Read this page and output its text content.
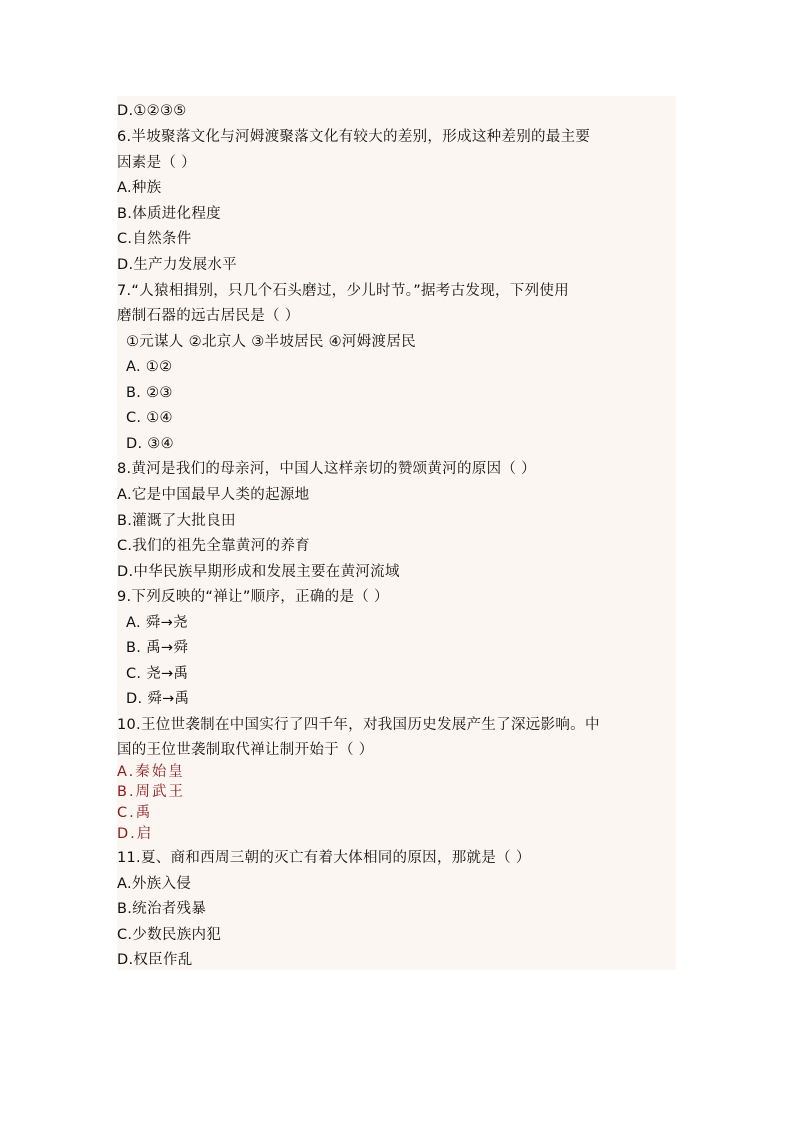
D.①②③⑤
6.半坡聚落文化与河姆渡聚落文化有较大的差别，形成这种差别的最主要
因素是（ ）
A.种族
B.体质进化程度
C.自然条件
D.生产力发展水平
7.“人猿相揖别，只几个石头磨过，少儿时节。”据考古发现，下列使用
磨制石器的远古居民是（ ）
①元谋人 ②北京人 ③半坡居民 ④河姆渡居民
A. ①②
B. ②③
C. ①④
D. ③④
8.黄河是我们的母亲河，中国人这样亲切的赞颂黄河的原因（ ）
A.它是中国最早人类的起源地
B.灌溉了大批良田
C.我们的祖先全靠黄河的养育
D.中华民族早期形成和发展主要在黄河流域
9.下列反映的“禅让”顺序，正确的是（ ）
A. 舜→尧
B. 禹→舜
C. 尧→禹
D. 舜→禹
10.王位世袭制在中国实行了四千年，对我国历史发展产生了深远影响。中
国的王位世袭制取代禅让制开始于（ ）
A.秦始皇
B.周武王
C.禹
D.启
11.夏、商和西周三朝的灭亡有着大体相同的原因，那就是（ ）
A.外族入侵
B.统治者残暴
C.少数民族内犯
D.权臣作乱
